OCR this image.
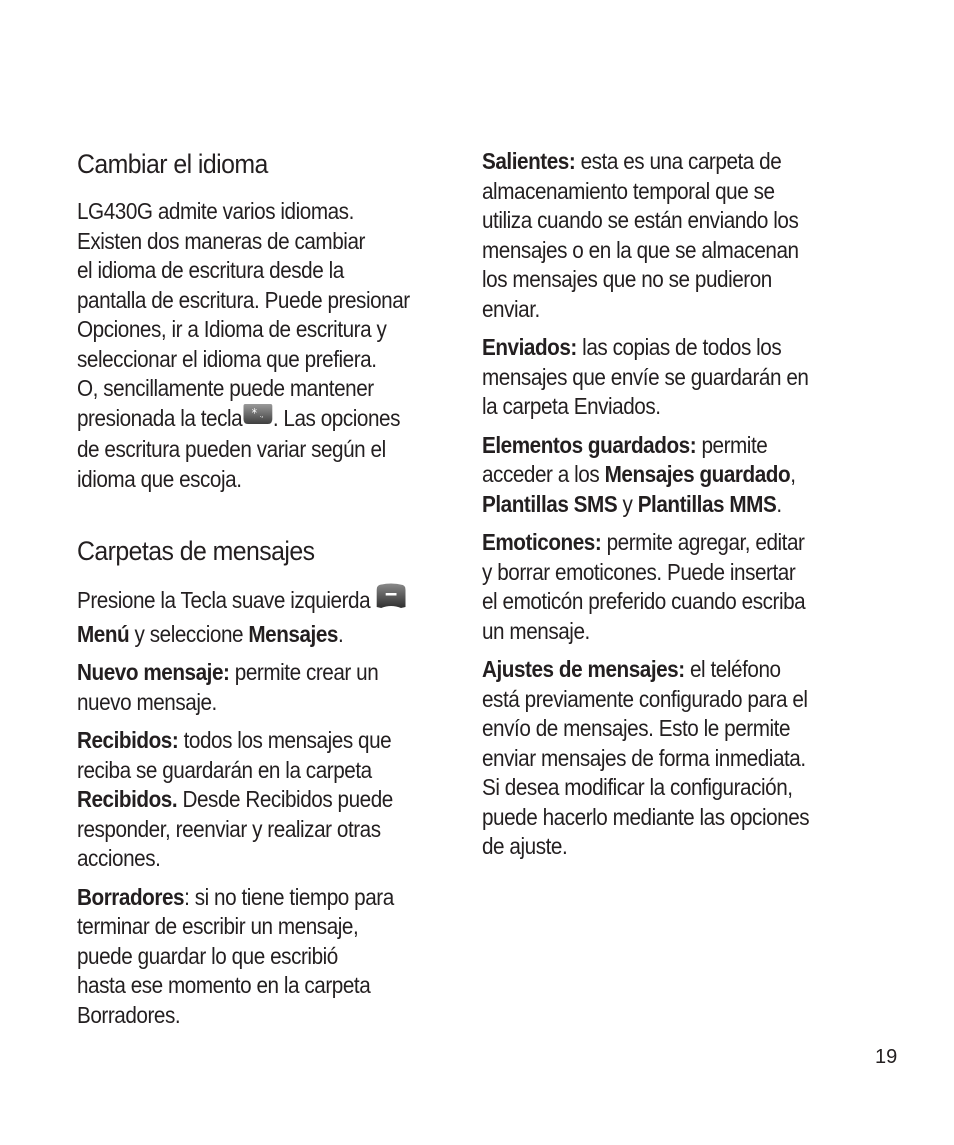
Cambiar el idioma

LG430G admite varios idiomas.
Existen dos maneras de cambiar
el idioma de escritura desde la
pantalla de escritura. Puede presionar
Opciones, ir a Idioma de escritura y
seleccionar el idioma que prefiera.
O, sencillamente puede mantener
presionada la tecla * ., . Las opciones
de escritura pueden variar según el
idioma que escoja.

Carpetas de mensajes

Presione la Tecla suave izquierda
Menú y seleccione Mensajes.

Nuevo mensaje: permite crear un
nuevo mensaje.

Recibidos: todos los mensajes que
reciba se guardarán en la carpeta
Recibidos. Desde Recibidos puede
responder, reenviar y realizar otras
acciones.

Borradores: si no tiene tiempo para
terminar de escribir un mensaje,
puede guardar lo que escribió
hasta ese momento en la carpeta
Borradores.

Salientes: esta es una carpeta de
almacenamiento temporal que se
utiliza cuando se están enviando los
mensajes o en la que se almacenan
los mensajes que no se pudieron
enviar.

Enviados: las copias de todos los
mensajes que envíe se guardarán en
la carpeta Enviados.

Elementos guardados: permite
acceder a los Mensajes guardado,
Plantillas SMS y Plantillas MMS.

Emoticones: permite agregar, editar
y borrar emoticones. Puede insertar
el emoticón preferido cuando escriba
un mensaje.

Ajustes de mensajes: el teléfono
está previamente configurado para el
envío de mensajes. Esto le permite
enviar mensajes de forma inmediata.
Si desea modificar la configuración,
puede hacerlo mediante las opciones
de ajuste.

19
